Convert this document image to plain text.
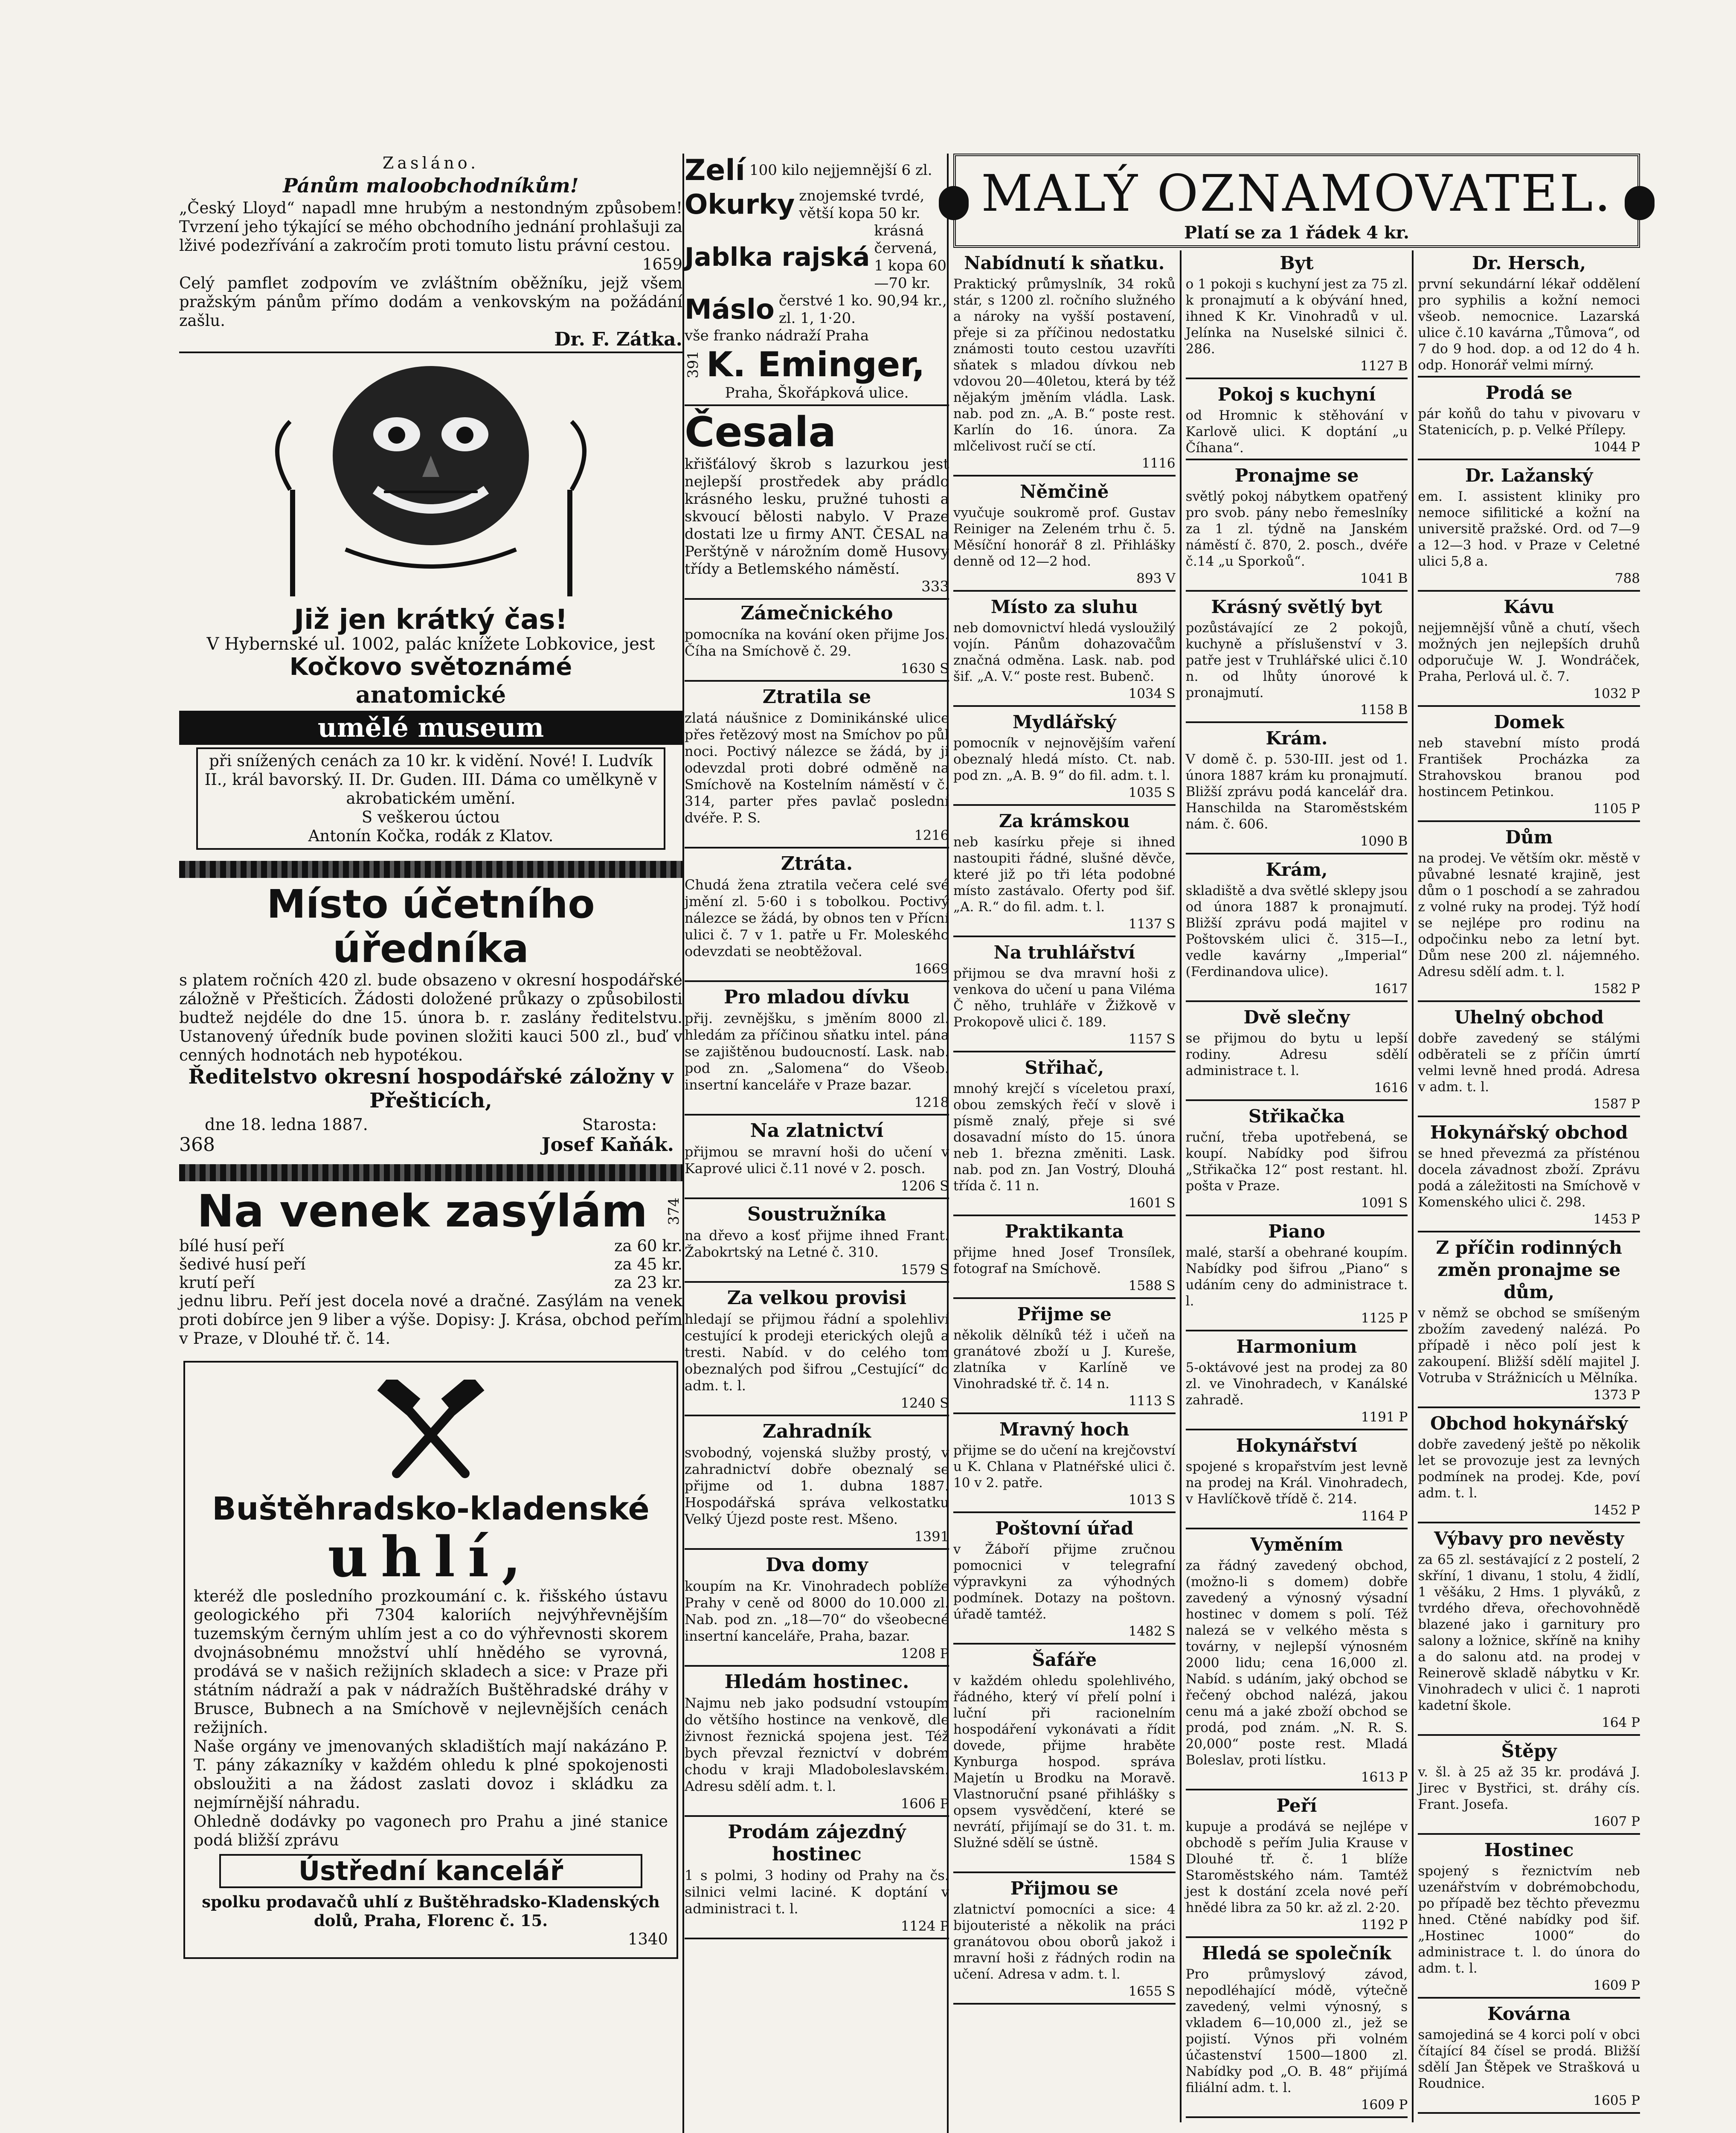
Zasláno.
Pánům maloobchodníkům!

„Český Lloyd“ napadl mne hrubým a nestondným způsobem! Tvrzení jeho týkající se mého obchodního jednání prohlašuji za lživé podezřívání a zakročím proti tomuto listu právní cestou.

1659

Celý pamflet zodpovím ve zvláštním oběžníku, jejž všem pražským pánům přímo dodám a venkovským na požádání zašlu.

Dr. F. Zátka.
Již jen krátký čas!
V Hybernské ul. 1002, palác knížete Lobkovice, jest
Kočkovo světoznámé
anatomické
umělé museum

při snížených cenách za 10 kr. k vidění. Nové! I. Ludvík II., král bavorský. II. Dr. Guden. III. Dáma co umělkyně v akrobatickém umění.

S veškerou úctou
Antonín Kočka, rodák z Klatov.
Místo účetního úředníka

s platem ročních 420 zl. bude obsazeno v okresní hospodářské záložně v Přešticích. Žádosti doložené průkazy o způsobilosti budtež nejdéle do dne 15. února b. r. zaslány ředitelstvu. Ustanovený úředník bude povinen složiti kauci 500 zl., buď v cenných hodnotách neb hypotékou.

Ředitelstvo okresní hospodářské záložny v Přešticích,
dne 18. ledna 1887.	Starosta:
368	Josef Kaňák.
Na venek zasýlám	374
bílé husí peří	za 60 kr.
šedivé husí peří	za 45 kr.
krutí peří	za 23 kr.

jednu libru. Peří jest docela nové a dračné. Zasýlám na venek proti dobírce jen 9 liber a výše. Dopisy: J. Krása, obchod peřím v Praze, v Dlouhé tř. č. 14.

Buštěhradsko-kladenské
uhlí,

kteréž dle posledního prozkoumání c. k. řišského ústavu geologického při 7304 kaloriích nejvýhřevnějším tuzemským černým uhlím jest a co do výhřevnosti skorem dvojnásobnému množství uhlí hnědého se vyrovná, prodává se v našich režijních skladech a sice: v Praze při státním nádraží a pak v nádražích Buštěhradské dráhy v Brusce, Bubnech a na Smíchově v nejlevnějších cenách režijních.

Naše orgány ve jmenovaných skladištích mají nakázáno P. T. pány zákazníky v každém ohledu k plné spokojenosti obsloužiti a na žádost zaslati dovoz i skládku za nejmírnější náhradu.

Ohledně dodávky po vagonech pro Prahu a jiné stanice podá bližší zprávu

Ústřední kancelář

spolku prodavačů uhlí z Buštěhradsko-Kladenských dolů, Praha, Florenc č. 15.

1340
Zelí 100 kilo nejjemnější 6 zl.
Okurky znojemské tvrdé, větší kopa 50 kr.
Jablka rajská
krásná červená, 1 kopa 60—70 kr.
Máslo čerstvé 1 ko. 90,94 kr., zl. 1, 1·20.
vše franko nádraží Praha
391 K. Eminger,
Praha, Škořápková ulice.
Česala

křišťálový škrob s lazurkou jest nejlepší prostředek aby prádlo krásného lesku, pružné tuhosti a skvoucí bělosti nabylo. V Praze dostati lze u firmy ANT. ČESAL na Perštýně v nárožním domě Husovy třídy a Betlemského náměstí.

333
Zámečnického
pomocníka na kování oken přijme Jos. Číha na Smíchově č. 29.
1630 S
Ztratila se
zlatá náušnice z Dominikánské ulice přes řetězový most na Smíchov po půl noci. Poctivý nálezce se žádá, by ji odevzdal proti dobré odměně na Smíchově na Kostelním náměstí v č. 314, parter přes pavlač poslední dvéře. P. S.
1216
Ztráta.
Chudá žena ztratila večera celé své jmění zl. 5·60 i s tobolkou. Poctivý nálezce se žádá, by obnos ten v Přícní ulici č. 7 v 1. patře u Fr. Moleského odevzdati se neobtěžoval.
1669
Pro mladou dívku
přij. zevnějšku, s jměním 8000 zl. hledám za příčinou sňatku intel. pána se zajištěnou budoucností. Lask. nab. pod zn. „Salomena“ do Všeob. insertní kanceláře v Praze bazar.
1218
Na zlatnictví
přijmou se mravní hoši do učení v Kaprové ulici č.11 nové v 2. posch.
1206 S
Soustružníka
na dřevo a kosť přijme ihned Frant. Žabokrtský na Letné č. 310.
1579 S
Za velkou provisi
hledají se přijmou řádní a spolehliví cestující k prodeji eterických olejů a tresti. Nabíd. v do celého tom obeznalých pod šifrou „Cestující“ do adm. t. l.
1240 S
Zahradník
svobodný, vojenská služby prostý, v zahradnictví dobře obeznalý se přijme od 1. dubna 1887. Hospodářská správa velkostatku Velký Újezd poste rest. Mšeno.
1391
Dva domy
koupím na Kr. Vinohradech poblíže Prahy v ceně od 8000 do 10.000 zl. Nab. pod zn. „18—70“ do všeobecné insertní kanceláře, Praha, bazar.
1208 P
Hledám hostinec.
Najmu neb jako podsudní vstoupím do většího hostince na venkově, dle živnost řeznická spojena jest. Též bych převzal řeznictví v dobrém chodu v kraji Mladoboleslavském. Adresu sdělí adm. t. l.
1606 P
Prodám zájezdný hostinec
1 s polmi, 3 hodiny od Prahy na čs. silnici velmi laciné. K doptání v administraci t. l.
1124 P
MALÝ OZNAMOVATEL.
Platí se za 1 řádek 4 kr.
Nabídnutí k sňatku.
Praktický průmyslník, 34 roků stár, s 1200 zl. ročního služného a nároky na vyšší postavení, přeje si za příčinou nedostatku známosti touto cestou uzavříti sňatek s mladou dívkou neb vdovou 20—40letou, která by též nějakým jměním vládla. Lask. nab. pod zn. „A. B.“ poste rest. Karlín do 16. února. Za mlčelivost ručí se ctí.
1116
Němčině
vyučuje soukromě prof. Gustav Reiniger na Zeleném trhu č. 5. Měsíční honorář 8 zl. Přihlášky denně od 12—2 hod.
893 V
Místo za sluhu
neb domovnictví hledá vysloužilý vojín. Pánům dohazovačům značná odměna. Lask. nab. pod šif. „A. V.“ poste rest. Bubenč.
1034 S
Mydlářský
pomocník v nejnovějším vaření obeznalý hledá místo. Ct. nab. pod zn. „A. B. 9“ do fil. adm. t. l.
1035 S
Za krámskou
neb kasírku přeje si ihned nastoupiti řádné, slušné děvče, které již po tři léta podobné místo zastávalo. Oferty pod šif. „A. R.“ do fil. adm. t. l.
1137 S
Na truhlářství
přijmou se dva mravní hoši z venkova do učení u pana Viléma Č něho, truhláře v Žižkově v Prokopově ulici č. 189.
1157 S
Střihač,
mnohý krejčí s víceletou praxí, obou zemských řečí v slově i písmě znalý, přeje si své dosavadní místo do 15. února neb 1. března změniti. Lask. nab. pod zn. Jan Vostrý, Dlouhá třída č. 11 n.
1601 S
Praktikanta
přijme hned Josef Tronsílek, fotograf na Smíchově.
1588 S
Přijme se
několik dělníků též i učeň na granátové zboží u J. Kureše, zlatníka v Karlíně ve Vinohradské tř. č. 14 n.
1113 S
Mravný hoch
přijme se do učení na krejčovství u K. Chlana v Platnéřské ulici č. 10 v 2. patře.
1013 S
Poštovní úřad
v Žáboří přijme zručnou pomocnici v telegrafní výpravkyni za výhodných podmínek. Dotazy na poštovn. úřadě tamtéž.
1482 S
Šafáře
v každém ohledu spolehlivého, řádného, který ví přelí polní i luční při racionelním hospodáření vykonávati a řídit dovede, přijme hraběte Kynburga hospod. správa Majetín u Brodku na Moravě. Vlastnoruční psané přihlášky s opsem vysvědčení, které se nevrátí, přijímají se do 31. t. m. Služné sdělí se ústně.
1584 S
Přijmou se
zlatnictví pomocníci a sice: 4 bijouteristé a několik na práci granátovou obou oborů jakož i mravní hoši z řádných rodin na učení. Adresa v adm. t. l.
1655 S
Byt
o 1 pokoji s kuchyní jest za 75 zl. k pronajmutí a k obývání hned, ihned K Kr. Vinohradů v ul. Jelínka na Nuselské silnici č. 286.
1127 B
Pokoj s kuchyní
od Hromnic k stěhování v Karlově ulici. K doptání „u Číhana“.
Pronajme se
světlý pokoj nábytkem opatřený pro svob. pány nebo řemeslníky za 1 zl. týdně na Janském náměstí č. 870, 2. posch., dvéře č.14 „u Sporkoů“.
1041 B
Krásný světlý byt
pozůstávající ze 2 pokojů, kuchyně a příslušenství v 3. patře jest v Truhlářské ulici č.10 n. od lhůty únorové k pronajmutí.
1158 B
Krám.
V domě č. p. 530-III. jest od 1. února 1887 krám ku pronajmutí. Bližší zprávu podá kancelář dra. Hanschilda na Staroměstském nám. č. 606.
1090 B
Krám,
skladiště a dva světlé sklepy jsou od února 1887 k pronajmutí. Bližší zprávu podá majitel v Poštovském ulici č. 315—I., vedle kavárny „Imperial“ (Ferdinandova ulice).
1617
Dvě slečny
se přijmou do bytu u lepší rodiny. Adresu sdělí administrace t. l.
1616
Střikačka
ruční, třeba upotřebená, se koupí. Nabídky pod šifrou „Střikačka 12“ post restant. hl. pošta v Praze.
1091 S
Piano
malé, starší a obehrané koupím. Nabídky pod šifrou „Piano“ s udáním ceny do administrace t. l.
1125 P
Harmonium
5-oktávové jest na prodej za 80 zl. ve Vinohradech, v Kanálské zahradě.
1191 P
Hokynářství
spojené s kropařstvím jest levně na prodej na Král. Vinohradech, v Havlíčkově třídě č. 214.
1164 P
Vyměním
za řádný zavedený obchod, (možno-li s domem) dobře zavedený a výnosný výsadní hostinec v domem s polí. Též nalezá se v velkého města s továrny, v nejlepší výnosném 2000 lidu; cena 16,000 zl. Nabíd. s udáním, jaký obchod se řečený obchod nalézá, jakou cenu má a jaké zboží obchod se prodá, pod znám. „N. R. S. 20,000“ poste rest. Mladá Boleslav, proti lístku.
1613 P
Peří
kupuje a prodává se nejlépe v obchodě s peřím Julia Krause v Dlouhé tř. č. 1 blíže Staroměstského nám. Tamtéž jest k dostání zcela nové peří hnědé libra za 50 kr. až zl. 2·20.
1192 P
Hledá se společník
Pro průmyslový závod, nepodléhající módě, výtečně zavedený, velmi výnosný, s vkladem 6—10,000 zl., jež se pojistí. Výnos při volném účastenství 1500—1800 zl. Nabídky pod „O. B. 48“ přijímá filiální adm. t. l.
1609 P
Dr. Hersch,
první sekundární lékař oddělení pro syphilis a kožní nemoci všeob. nemocnice. Lazarská ulice č.10 kavárna „Tůmova“, od 7 do 9 hod. dop. a od 12 do 4 h. odp. Honorář velmi mírný.
Prodá se
pár koňů do tahu v pivovaru v Statenicích, p. p. Velké Přílepy.
1044 P
Dr. Lažanský
em. I. assistent kliniky pro nemoce sifilitické a kožní na universitě pražské. Ord. od 7—9 a 12—3 hod. v Praze v Celetné ulici 5,8 a.
788
Kávu
nejjemnější vůně a chutí, všech možných jen nejlepších druhů odporučuje W. J. Wondráček, Praha, Perlová ul. č. 7.
1032 P
Domek
neb stavební místo prodá František Procházka za Strahovskou branou pod hostincem Petinkou.
1105 P
Dům
na prodej. Ve větším okr. městě v půvabné lesnaté krajině, jest dům o 1 poschodí a se zahradou z volné ruky na prodej. Týž hodí se nejlépe pro rodinu na odpočinku nebo za letní byt. Dům nese 200 zl. nájemného. Adresu sdělí adm. t. l.
1582 P
Uhelný obchod
dobře zavedený se stálými odběrateli se z příčin úmrtí velmi levně hned prodá. Adresa v adm. t. l.
1587 P
Hokynářský obchod
se hned převezmá za přísténou docela závadnost zboží. Zprávu podá a záležitosti na Smíchově v Komenského ulici č. 298.
1453 P
Z příčin rodinných změn pronajme se dům,
v němž se obchod se smíšeným zbožím zavedený nalézá. Po případě i něco polí jest k zakoupení. Bližší sdělí majitel J. Votruba v Strážnicích u Mělníka.
1373 P
Obchod hokynářský
dobře zavedený ještě po několik let se provozuje jest za levných podmínek na prodej. Kde, poví adm. t. l.
1452 P
Výbavy pro nevěsty
za 65 zl. sestávající z 2 postelí, 2 skříní, 1 divanu, 1 stolu, 4 židlí, 1 věšáku, 2 Hms. 1 plyváků, z tvrdého dřeva, ořechovohnědě blazené jako i garnitury pro salony a ložnice, skříně na knihy a do salonu atd. na prodej v Reinerově skladě nábytku v Kr. Vinohradech v ulici č. 1 naproti kadetní škole.
164 P
Štěpy
v. šl. à 25 až 35 kr. prodává J. Jirec v Bystřici, st. dráhy cís. Frant. Josefa.
1607 P
Hostinec
spojený s řeznictvím neb uzenářstvím v dobrémobchodu, po případě bez těchto převezmu hned. Ctěné nabídky pod šif. „Hostinec 1000“ do administrace t. l. do února do adm. t. l.
1609 P
Kovárna
samojediná se 4 korci polí v obci čítající 84 čísel se prodá. Bližší sdělí Jan Štěpek ve Strašková u Roudnice.
1605 P
